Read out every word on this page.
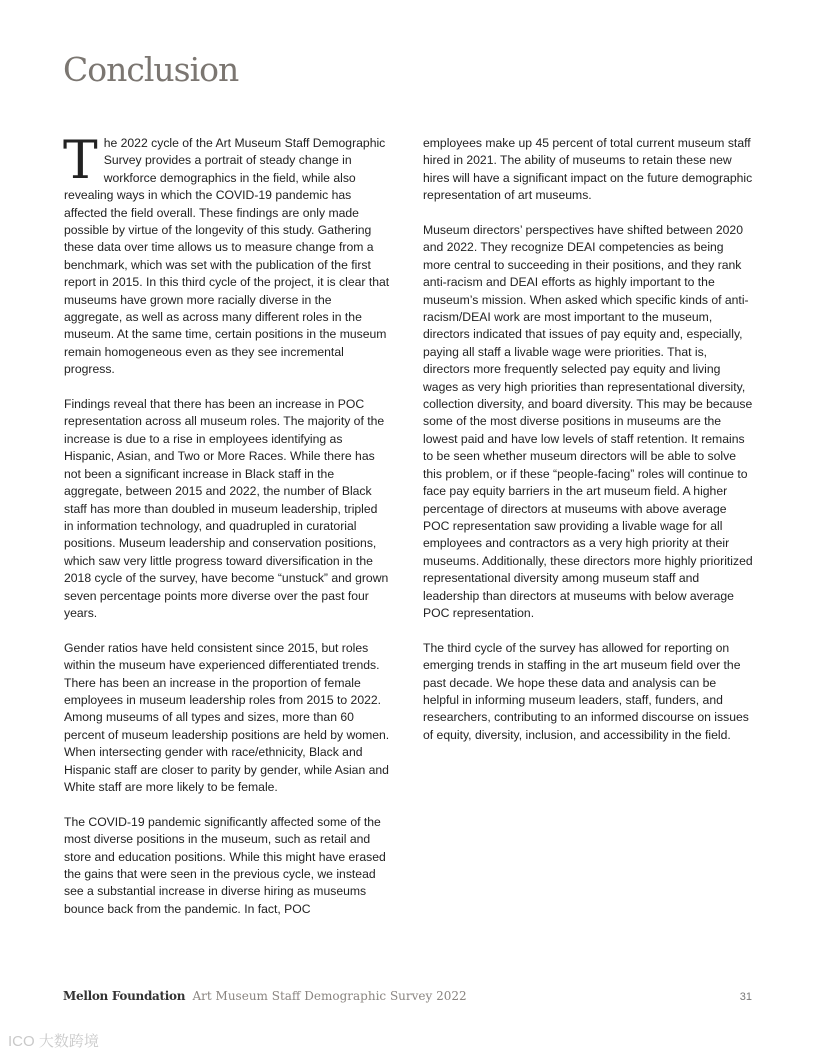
Conclusion

The 2022 cycle of the Art Museum Staff Demographic Survey provides a portrait of steady change in workforce demographics in the field, while also revealing ways in which the COVID-19 pandemic has affected the field overall. These findings are only made possible by virtue of the longevity of this study. Gathering these data over time allows us to measure change from a benchmark, which was set with the publication of the first report in 2015. In this third cycle of the project, it is clear that museums have grown more racially diverse in the aggregate, as well as across many different roles in the museum. At the same time, certain positions in the museum remain homogeneous even as they see incremental progress.

Findings reveal that there has been an increase in POC representation across all museum roles. The majority of the increase is due to a rise in employees identifying as Hispanic, Asian, and Two or More Races. While there has not been a significant increase in Black staff in the aggregate, between 2015 and 2022, the number of Black staff has more than doubled in museum leadership, tripled in information technology, and quadrupled in curatorial positions. Museum leadership and conservation positions, which saw very little progress toward diversification in the 2018 cycle of the survey, have become “unstuck” and grown seven percentage points more diverse over the past four years.

Gender ratios have held consistent since 2015, but roles within the museum have experienced differentiated trends. There has been an increase in the proportion of female employees in museum leadership roles from 2015 to 2022. Among museums of all types and sizes, more than 60 percent of museum leadership positions are held by women. When intersecting gender with race/ethnicity, Black and Hispanic staff are closer to parity by gender, while Asian and White staff are more likely to be female.

The COVID-19 pandemic significantly affected some of the most diverse positions in the museum, such as retail and store and education positions. While this might have erased the gains that were seen in the previous cycle, we instead see a substantial increase in diverse hiring as museums bounce back from the pandemic. In fact, POC

employees make up 45 percent of total current museum staff hired in 2021. The ability of museums to retain these new hires will have a significant impact on the future demographic representation of art museums.

Museum directors’ perspectives have shifted between 2020 and 2022. They recognize DEAI competencies as being more central to succeeding in their positions, and they rank anti-racism and DEAI efforts as highly important to the museum’s mission. When asked which specific kinds of anti-racism/DEAI work are most important to the museum, directors indicated that issues of pay equity and, especially, paying all staff a livable wage were priorities. That is, directors more frequently selected pay equity and living wages as very high priorities than representational diversity, collection diversity, and board diversity. This may be because some of the most diverse positions in museums are the lowest paid and have low levels of staff retention. It remains to be seen whether museum directors will be able to solve this problem, or if these “people-facing” roles will continue to face pay equity barriers in the art museum field. A higher percentage of directors at museums with above average POC representation saw providing a livable wage for all employees and contractors as a very high priority at their museums. Additionally, these directors more highly prioritized representational diversity among museum staff and leadership than directors at museums with below average POC representation.

The third cycle of the survey has allowed for reporting on emerging trends in staffing in the art museum field over the past decade. We hope these data and analysis can be helpful in informing museum leaders, staff, funders, and researchers, contributing to an informed discourse on issues of equity, diversity, inclusion, and accessibility in the field.

Mellon Foundation Art Museum Staff Demographic Survey 2022	31
ICO 大数跨境
